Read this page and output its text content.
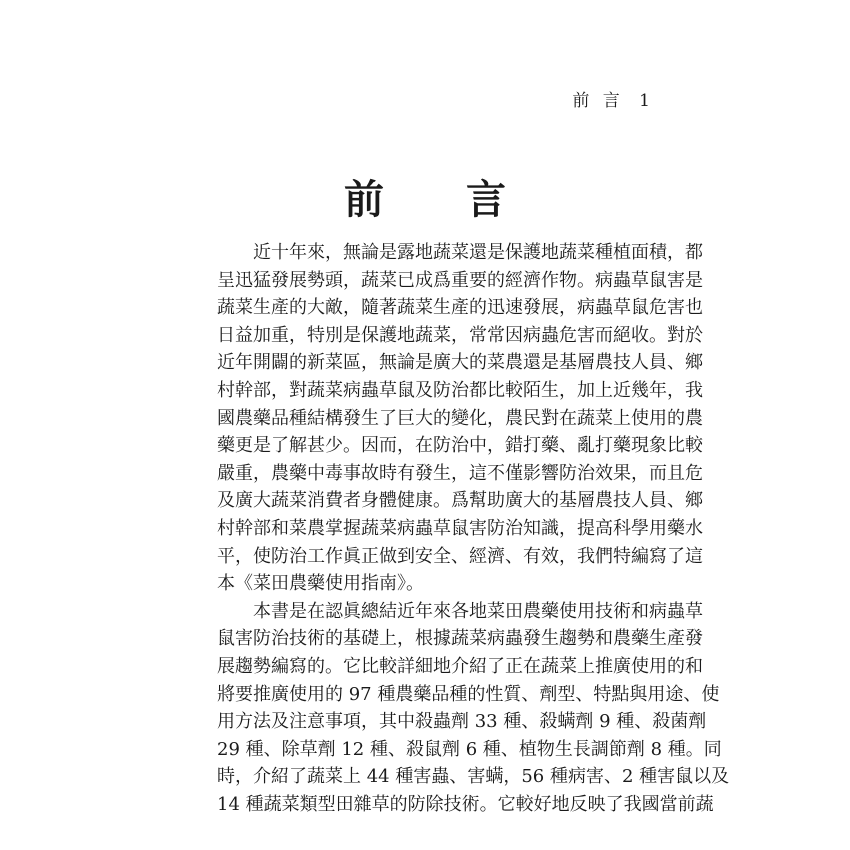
前 言 1
前 言
近十年來，無論是露地蔬菜還是保護地蔬菜種植面積，都
呈迅猛發展勢頭，蔬菜已成爲重要的經濟作物。病蟲草鼠害是
蔬菜生產的大敵，隨著蔬菜生產的迅速發展，病蟲草鼠危害也
日益加重，特別是保護地蔬菜，常常因病蟲危害而絕收。對於
近年開闢的新菜區，無論是廣大的菜農還是基層農技人員、鄉
村幹部，對蔬菜病蟲草鼠及防治都比較陌生，加上近幾年，我
國農藥品種結構發生了巨大的變化，農民對在蔬菜上使用的農
藥更是了解甚少。因而，在防治中，錯打藥、亂打藥現象比較
嚴重，農藥中毒事故時有發生，這不僅影響防治效果，而且危
及廣大蔬菜消費者身體健康。爲幫助廣大的基層農技人員、鄉
村幹部和菜農掌握蔬菜病蟲草鼠害防治知識，提高科學用藥水
平，使防治工作眞正做到安全、經濟、有效，我們特編寫了這
本《菜田農藥使用指南》。
本書是在認眞總結近年來各地菜田農藥使用技術和病蟲草
鼠害防治技術的基礎上，根據蔬菜病蟲發生趨勢和農藥生產發
展趨勢編寫的。它比較詳細地介紹了正在蔬菜上推廣使用的和
將要推廣使用的 97 種農藥品種的性質、劑型、特點與用途、使
用方法及注意事項，其中殺蟲劑 33 種、殺螨劑 9 種、殺菌劑
29 種、除草劑 12 種、殺鼠劑 6 種、植物生長調節劑 8 種。同
時，介紹了蔬菜上 44 種害蟲、害螨，56 種病害、2 種害鼠以及
14 種蔬菜類型田雜草的防除技術。它較好地反映了我國當前蔬
